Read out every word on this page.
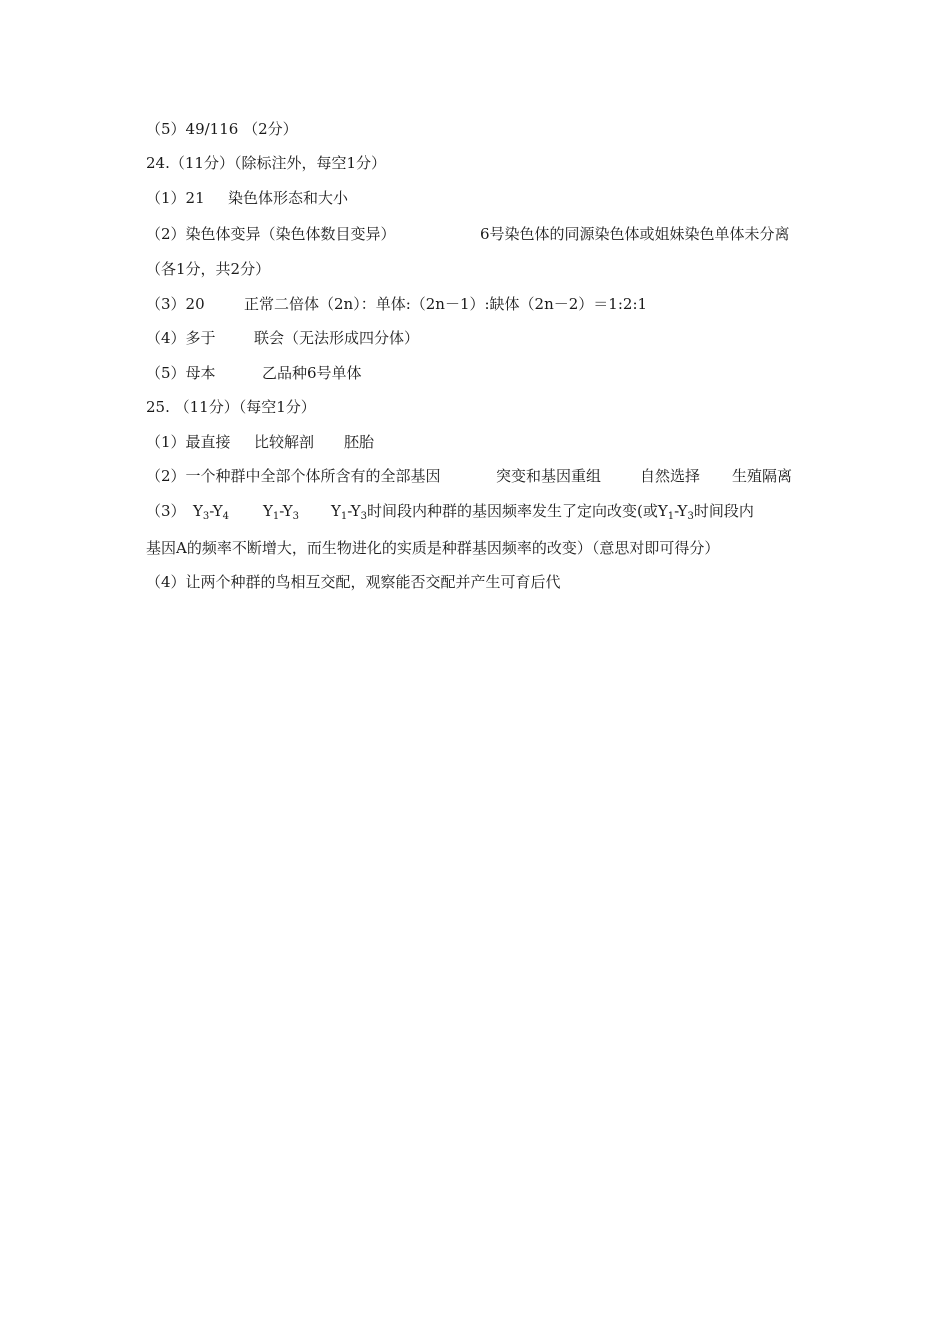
（5）49/116 （2分）
24.（11分）（除标注外，每空1分）
（1）21 染色体形态和大小
（2）染色体变异（染色体数目变异）	6号染色体的同源染色体或姐妹染色单体未分离
（各1分，共2分）
（3）20	正常二倍体（2n）：单体:（2n－1）:缺体（2n－2）＝1:2:1
（4）多于	联会（无法形成四分体）
（5）母本	乙品种6号单体
25. （11分）（每空1分）
（1）最直接 比较解剖 胚胎
（2）一个种群中全部个体所含有的全部基因	突变和基因重组	自然选择 生殖隔离
（3） $Y_3-Y_4$ $Y_1-Y_3$ $Y_1-Y_3$时间段内种群的基因频率发生了定向改变(或$Y_1-Y_3$时间段内
基因A的频率不断增大，而生物进化的实质是种群基因频率的改变）（意思对即可得分）
（4）让两个种群的鸟相互交配，观察能否交配并产生可育后代
